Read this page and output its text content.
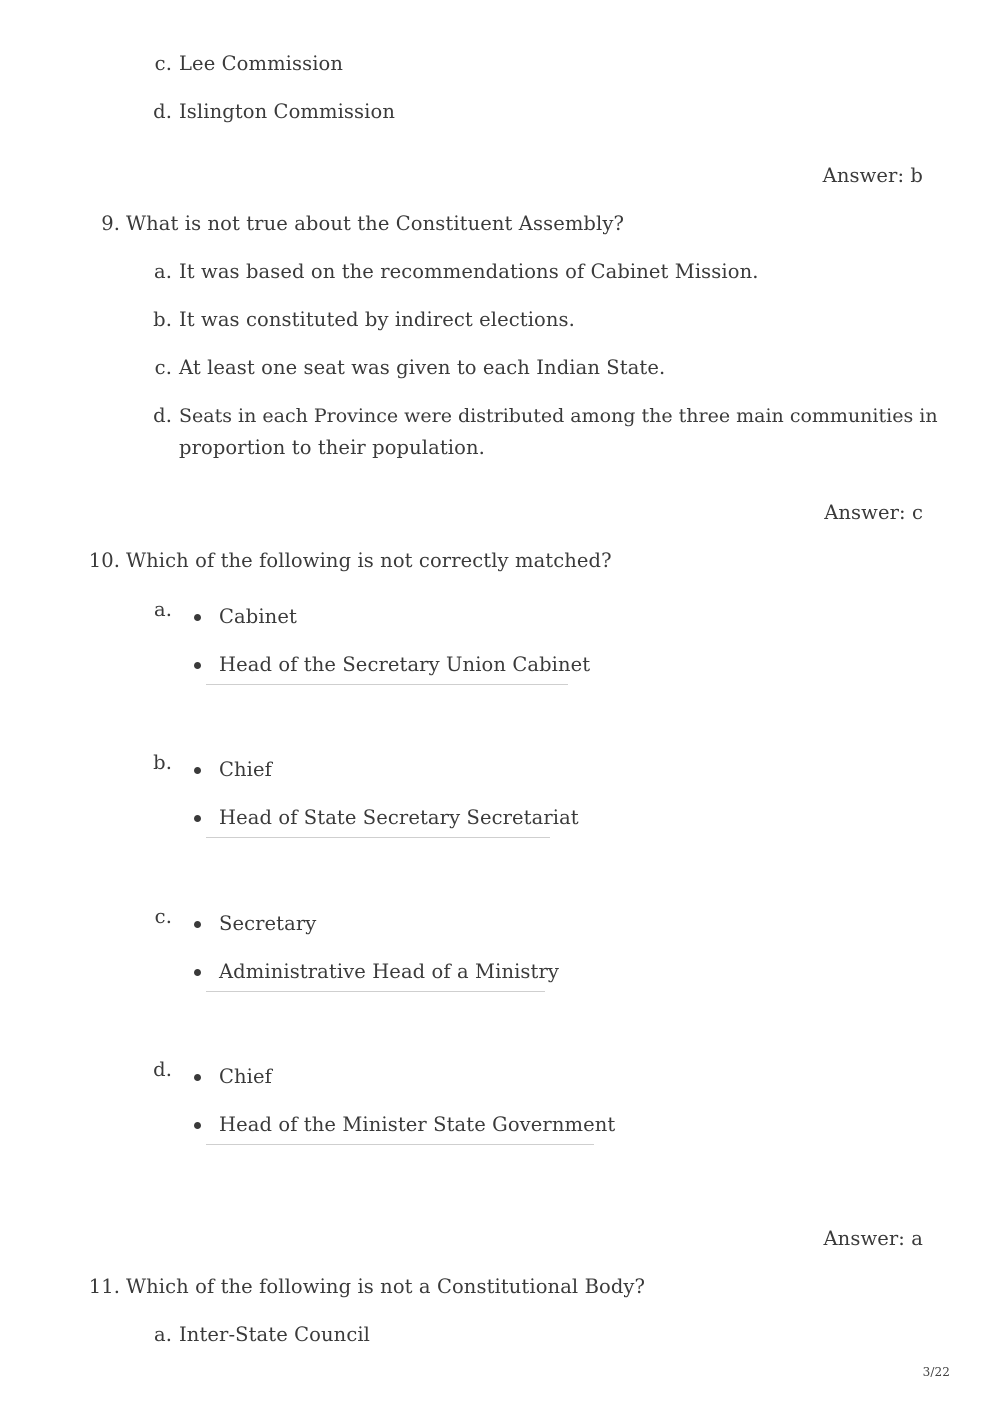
c. Lee Commission
d. Islington Commission
Answer: b
9. What is not true about the Constituent Assembly?
a. It was based on the recommendations of Cabinet Mission.
b. It was constituted by indirect elections.
c. At least one seat was given to each Indian State.
d. Seats in each Province were distributed among the three main communities in
proportion to their population.
Answer: c
10. Which of the following is not correctly matched?
a. Cabinet
Head of the Secretary Union Cabinet
b. Chief
Head of State Secretary Secretariat
c. Secretary
Administrative Head of a Ministry
d. Chief
Head of the Minister State Government
Answer: a
11. Which of the following is not a Constitutional Body?
a. Inter-State Council
3/22
